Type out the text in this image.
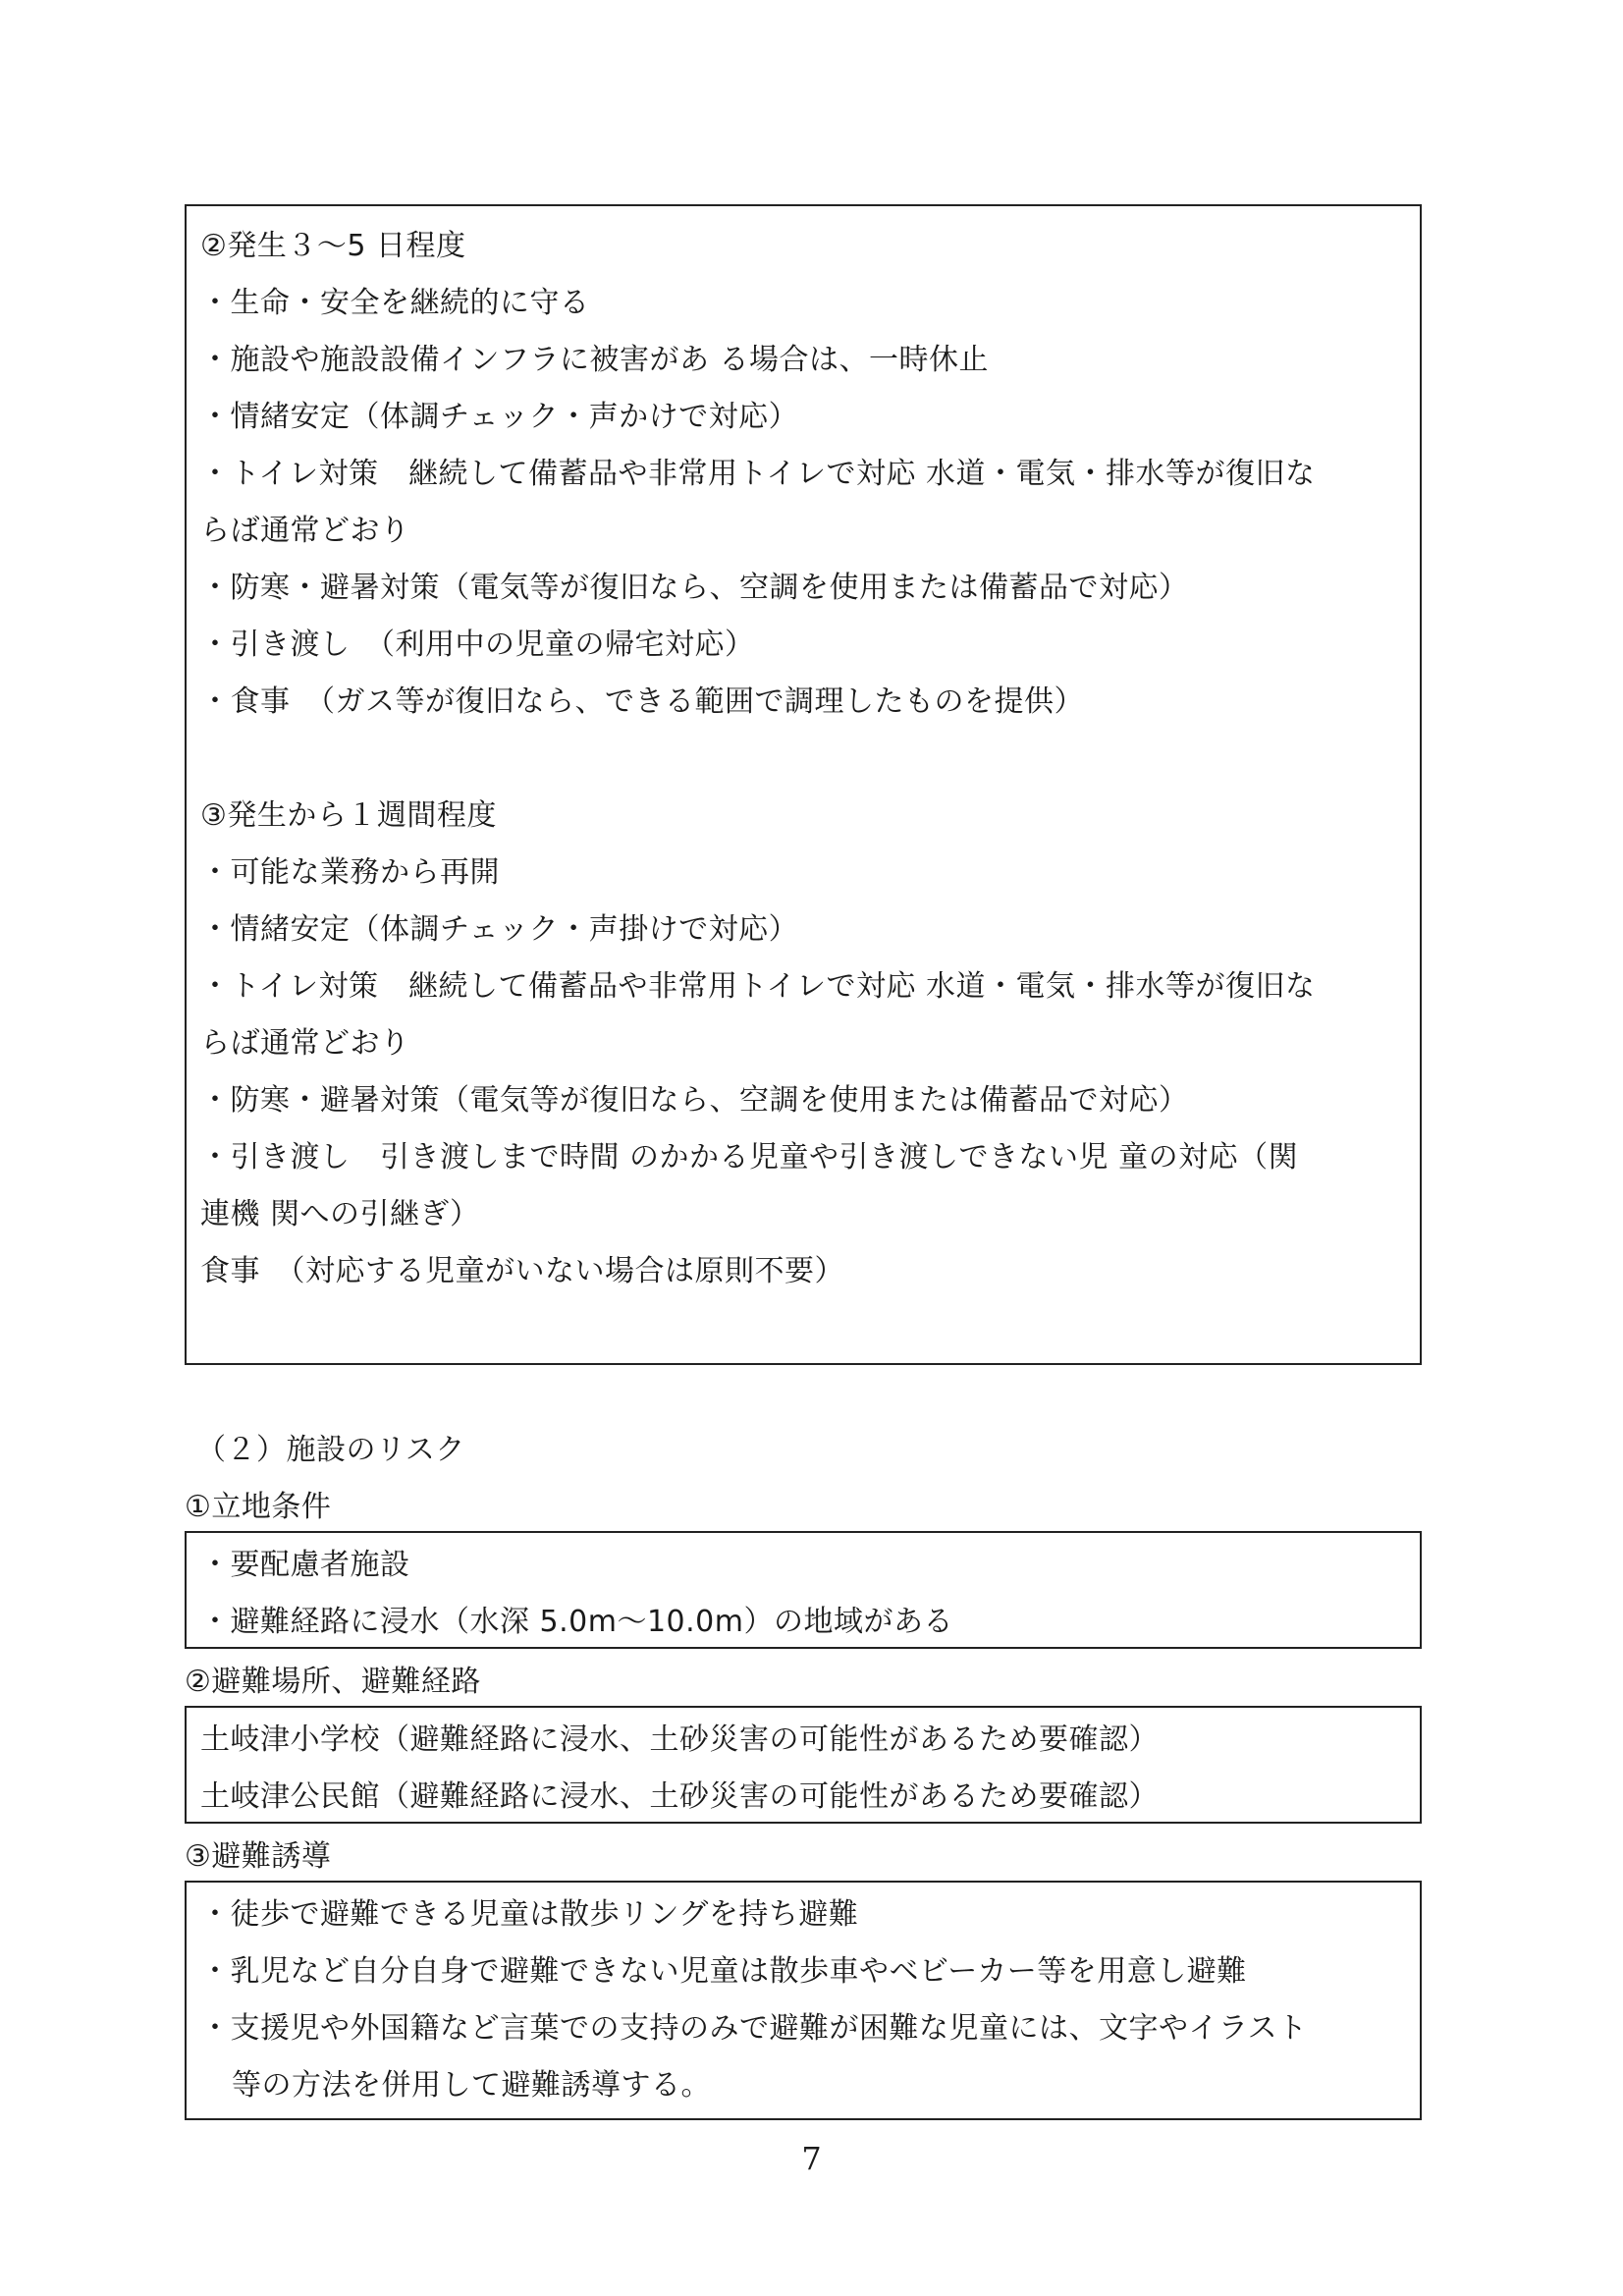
②発生３～5 日程度
・生命・安全を継続的に守る
・施設や施設設備インフラに被害があ る場合は、一時休止
・情緒安定（体調チェック・声かけで対応）
・トイレ対策　継続して備蓄品や非常用トイレで対応 水道・電気・排水等が復旧な
らば通常どおり
・防寒・避暑対策（電気等が復旧なら、空調を使用または備蓄品で対応）
・引き渡し　（利用中の児童の帰宅対応）
・食事　（ガス等が復旧なら、できる範囲で調理したものを提供）
③発生から１週間程度
・可能な業務から再開
・情緒安定（体調チェック・声掛けで対応）
・トイレ対策　継続して備蓄品や非常用トイレで対応 水道・電気・排水等が復旧な
らば通常どおり
・防寒・避暑対策（電気等が復旧なら、空調を使用または備蓄品で対応）
・引き渡し　引き渡しまで時間 のかかる児童や引き渡しできない児 童の対応（関
連機 関への引継ぎ）
食事　（対応する児童がいない場合は原則不要）
（２）施設のリスク
①立地条件
・要配慮者施設
・避難経路に浸水（水深 5.0m～10.0m）の地域がある
②避難場所、避難経路
土岐津小学校（避難経路に浸水、土砂災害の可能性があるため要確認）
土岐津公民館（避難経路に浸水、土砂災害の可能性があるため要確認）
③避難誘導
・徒歩で避難できる児童は散歩リングを持ち避難
・乳児など自分自身で避難できない児童は散歩車やベビーカー等を用意し避難
・支援児や外国籍など言葉での支持のみで避難が困難な児童には、文字やイラスト
等の方法を併用して避難誘導する。
7
